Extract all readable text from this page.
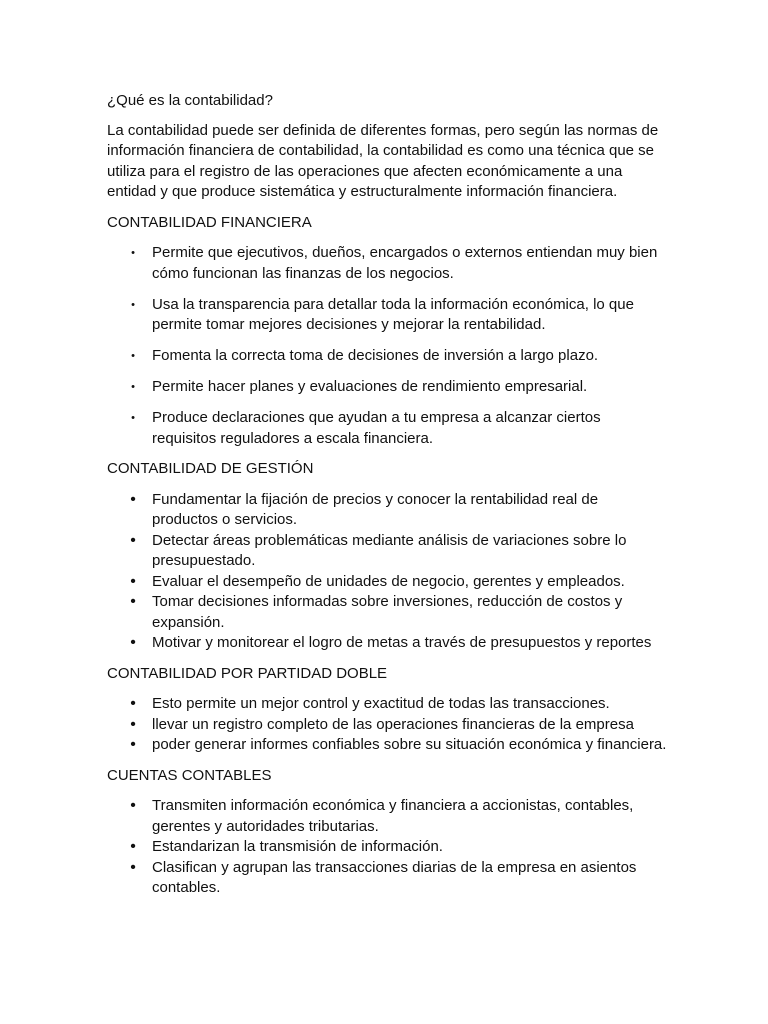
¿Qué es la contabilidad?

La contabilidad puede ser definida de diferentes formas, pero según las normas de información financiera de contabilidad, la contabilidad es como una técnica que se utiliza para el registro de las operaciones que afecten económicamente a una entidad y que produce sistemática y estructuralmente información financiera.

CONTABILIDAD FINANCIERA

• Permite que ejecutivos, dueños, encargados o externos entiendan muy bien cómo funcionan las finanzas de los negocios.
• Usa la transparencia para detallar toda la información económica, lo que permite tomar mejores decisiones y mejorar la rentabilidad.
• Fomenta la correcta toma de decisiones de inversión a largo plazo.
• Permite hacer planes y evaluaciones de rendimiento empresarial.
• Produce declaraciones que ayudan a tu empresa a alcanzar ciertos requisitos reguladores a escala financiera.

CONTABILIDAD DE GESTIÓN

• Fundamentar la fijación de precios y conocer la rentabilidad real de productos o servicios.
• Detectar áreas problemáticas mediante análisis de variaciones sobre lo presupuestado.
• Evaluar el desempeño de unidades de negocio, gerentes y empleados.
• Tomar decisiones informadas sobre inversiones, reducción de costos y expansión.
• Motivar y monitorear el logro de metas a través de presupuestos y reportes

CONTABILIDAD POR PARTIDAD DOBLE

• Esto permite un mejor control y exactitud de todas las transacciones.
• llevar un registro completo de las operaciones financieras de la empresa
• poder generar informes confiables sobre su situación económica y financiera.

CUENTAS CONTABLES

• Transmiten información económica y financiera a accionistas, contables, gerentes y autoridades tributarias.
• Estandarizan la transmisión de información.
• Clasifican y agrupan las transacciones diarias de la empresa en asientos contables.
